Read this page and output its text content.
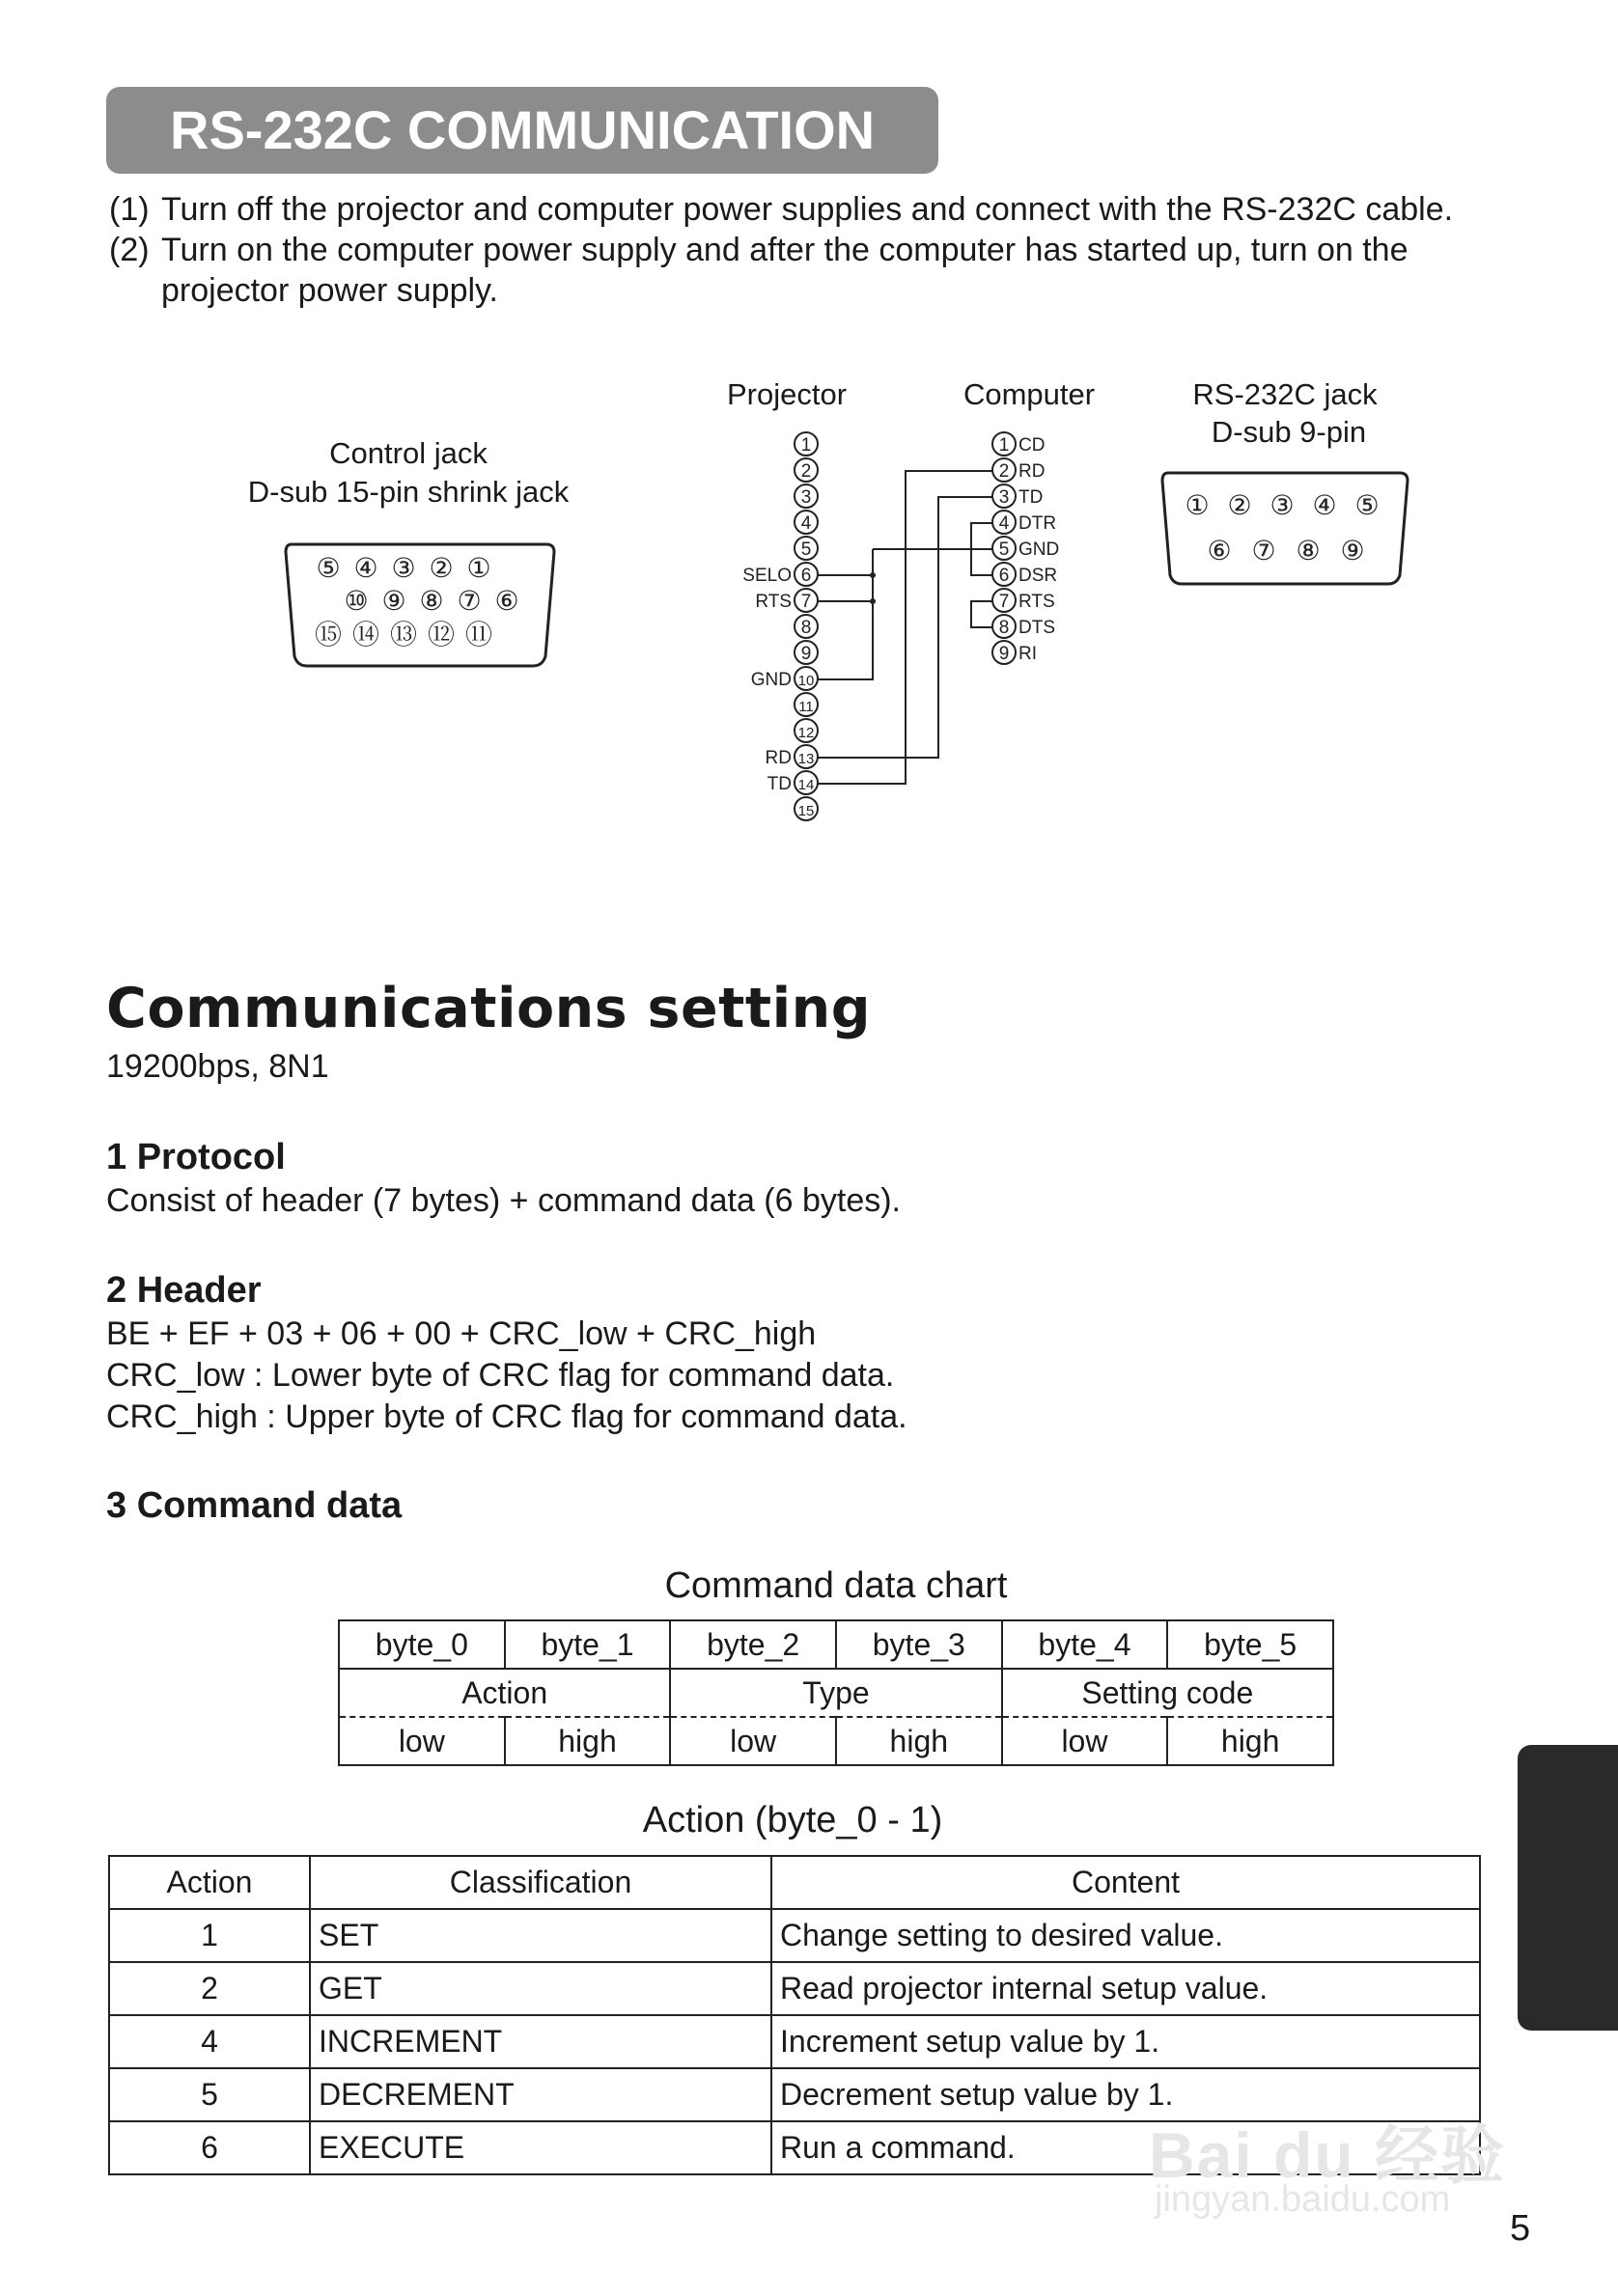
RS-232C COMMUNICATION
(1) Turn off the projector and computer power supplies and connect with the RS-232C cable.
(2) Turn on the computer power supply and after the computer has started up, turn on the projector power supply.
Control jack
D-sub 15-pin shrink jack
⑤ ④ ③ ② ①
⑩ ⑨ ⑧ ⑦ ⑥
⑮ ⑭ ⑬ ⑫ ⑪
Projector	Computer	RS-232C jack
D-sub 9-pin
① ② ③ ④ ⑤
⑥ ⑦ ⑧ ⑨
1
2
3
4
5
6
SELO
7
RTS
8
9
10
GND
11
12
13
RD
14
TD
15
1 CD
2 RD
3 TD
4 DTR
5 GND
6 DSR
7 RTS
8 DTS
9 RI
Communications setting
19200bps, 8N1
1 Protocol
Consist of header (7 bytes) + command data (6 bytes).
2 Header
BE + EF + 03 + 06 + 00 + CRC_low + CRC_high
CRC_low : Lower byte of CRC flag for command data.
CRC_high : Upper byte of CRC flag for command data.
3 Command data
Command data chart
byte_0	byte_1	byte_2	byte_3	byte_4	byte_5
Action		Type		Setting code	
low	high	low	high	low	high
Action (byte_0 - 1)
Action	Classification	Content
1	SET	Change setting to desired value.
2	GET	Read projector internal setup value.
4	INCREMENT	Increment setup value by 1.
5	DECREMENT	Decrement setup value by 1.
6	EXECUTE	Run a command. Bai du 经验
jingyan.baidu.com
5
